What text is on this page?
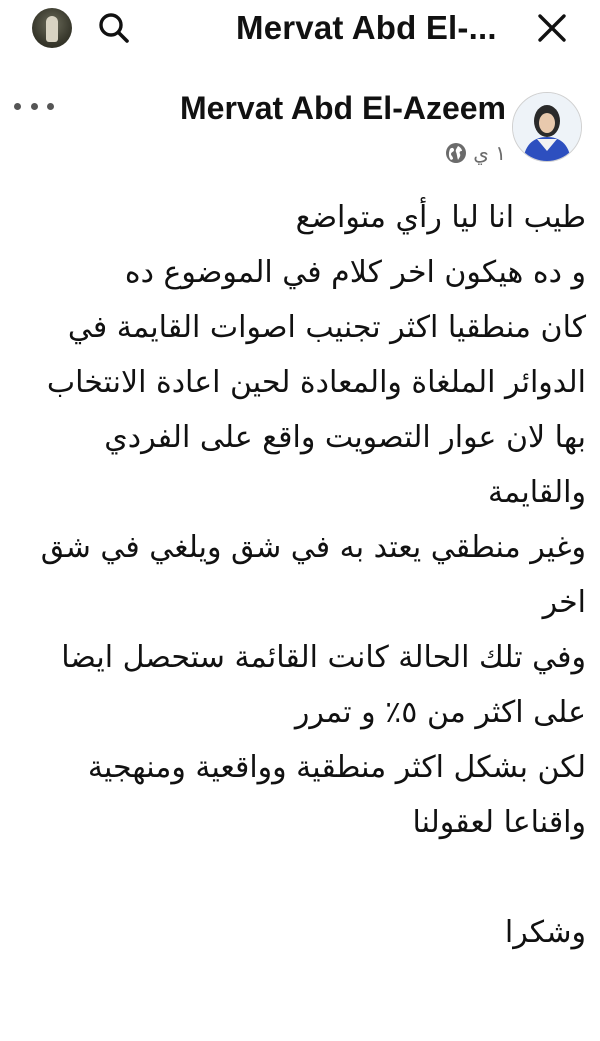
Mervat Abd El-...
Mervat Abd El-Azeem
١ ي
طيب انا ليا رأي متواضع
و ده هيكون اخر كلام في الموضوع ده
كان منطقيا اكثر تجنيب اصوات القايمة في
الدوائر الملغاة والمعادة لحين اعادة الانتخاب
بها لان عوار التصويت واقع على الفردي
والقايمة
وغير منطقي يعتد به في شق ويلغي في شق
اخر
وفي تلك الحالة كانت القائمة ستحصل ايضا
على اكثر من ٥٪ و تمرر
لكن بشكل اكثر منطقية وواقعية ومنهجية
واقناعا لعقولنا
وشكرا
